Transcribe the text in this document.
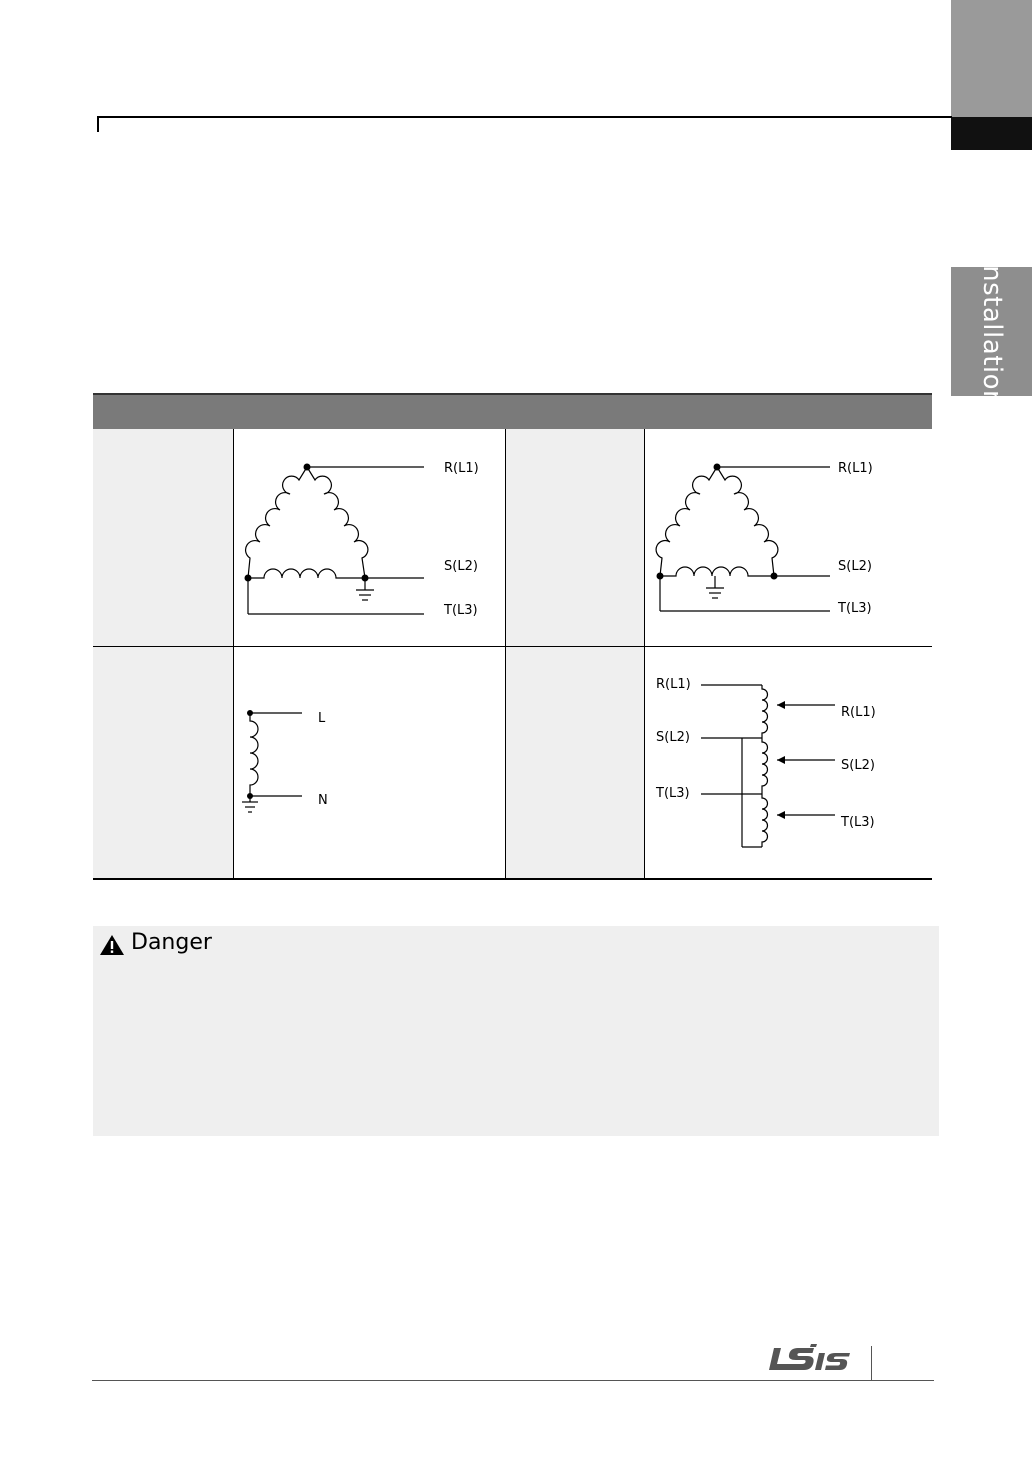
Installation
R(L1)
S(L2)
T(L3)
R(L1)
S(L2)
T(L3)
L
N
R(L1)
S(L2)
T(L3)
R(L1)
S(L2)
T(L3)
Danger
